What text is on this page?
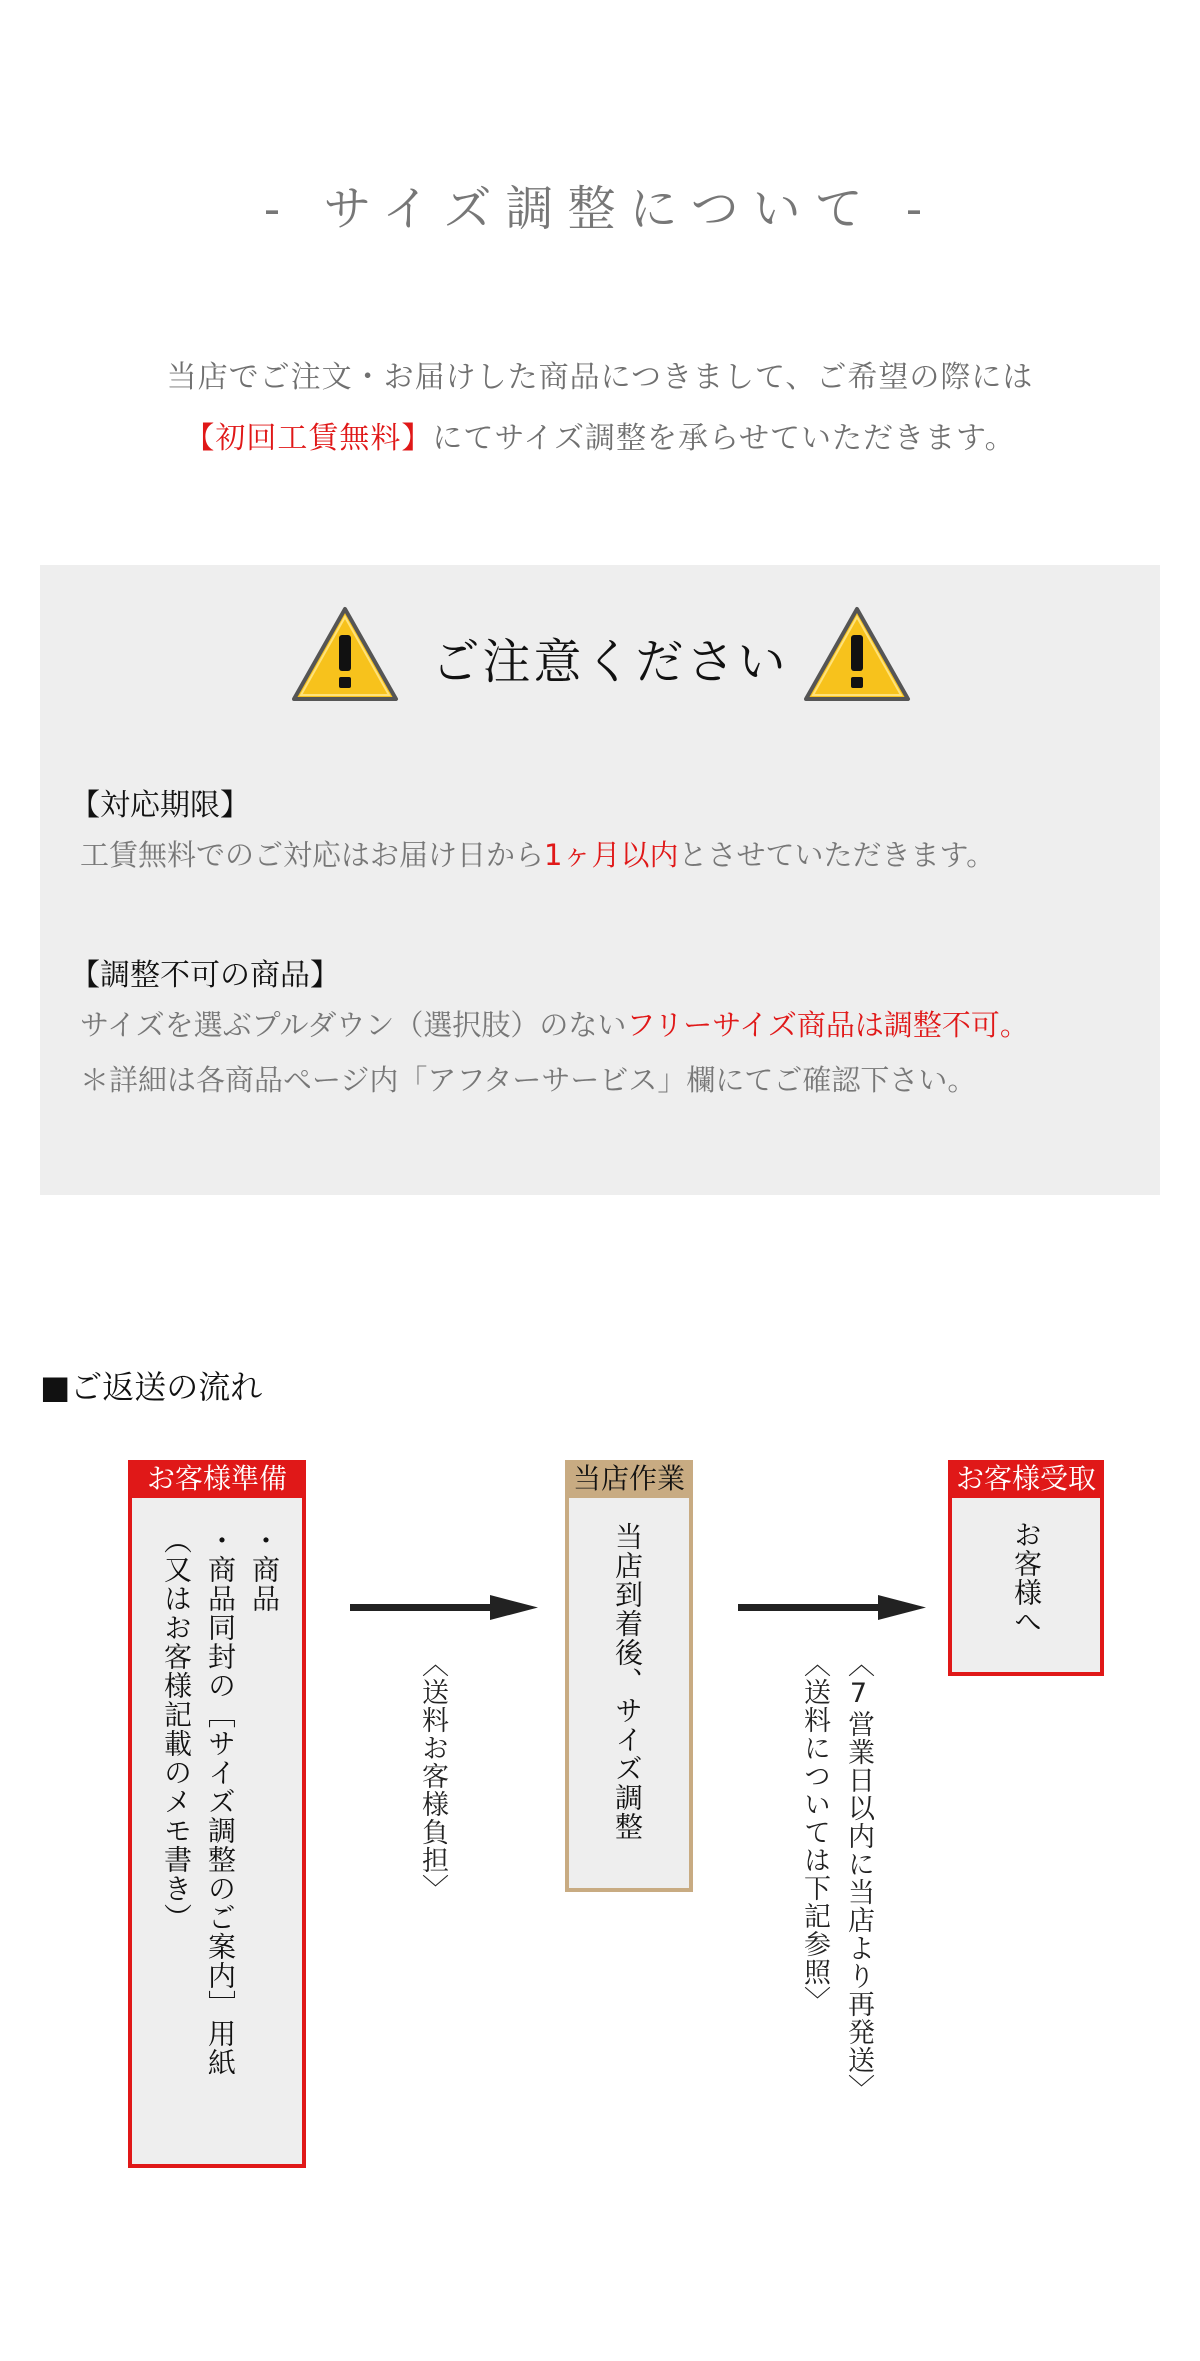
- サイズ調整について -
当店でご注文・お届けした商品につきまして、ご希望の際には
【初回工賃無料】にてサイズ調整を承らせていただきます。
ご注意ください
【対応期限】
工賃無料でのご対応はお届け日から1ヶ月以内とさせていただきます。
【調整不可の商品】
サイズを選ぶプルダウン（選択肢）のないフリーサイズ商品は調整不可。
＊詳細は各商品ページ内「アフターサービス」欄にてご確認下さい。
■ご返送の流れ
お客様準備
・商品
・商品同封の［サイズ調整のご案内］用紙
（又はお客様記載のメモ書き）	〈送料お客様負担〉
当店作業
当店到着後、サイズ調整	〈7営業日以内に当店より再発送〉
〈送料については下記参照〉
お客様受取
お客様へ
